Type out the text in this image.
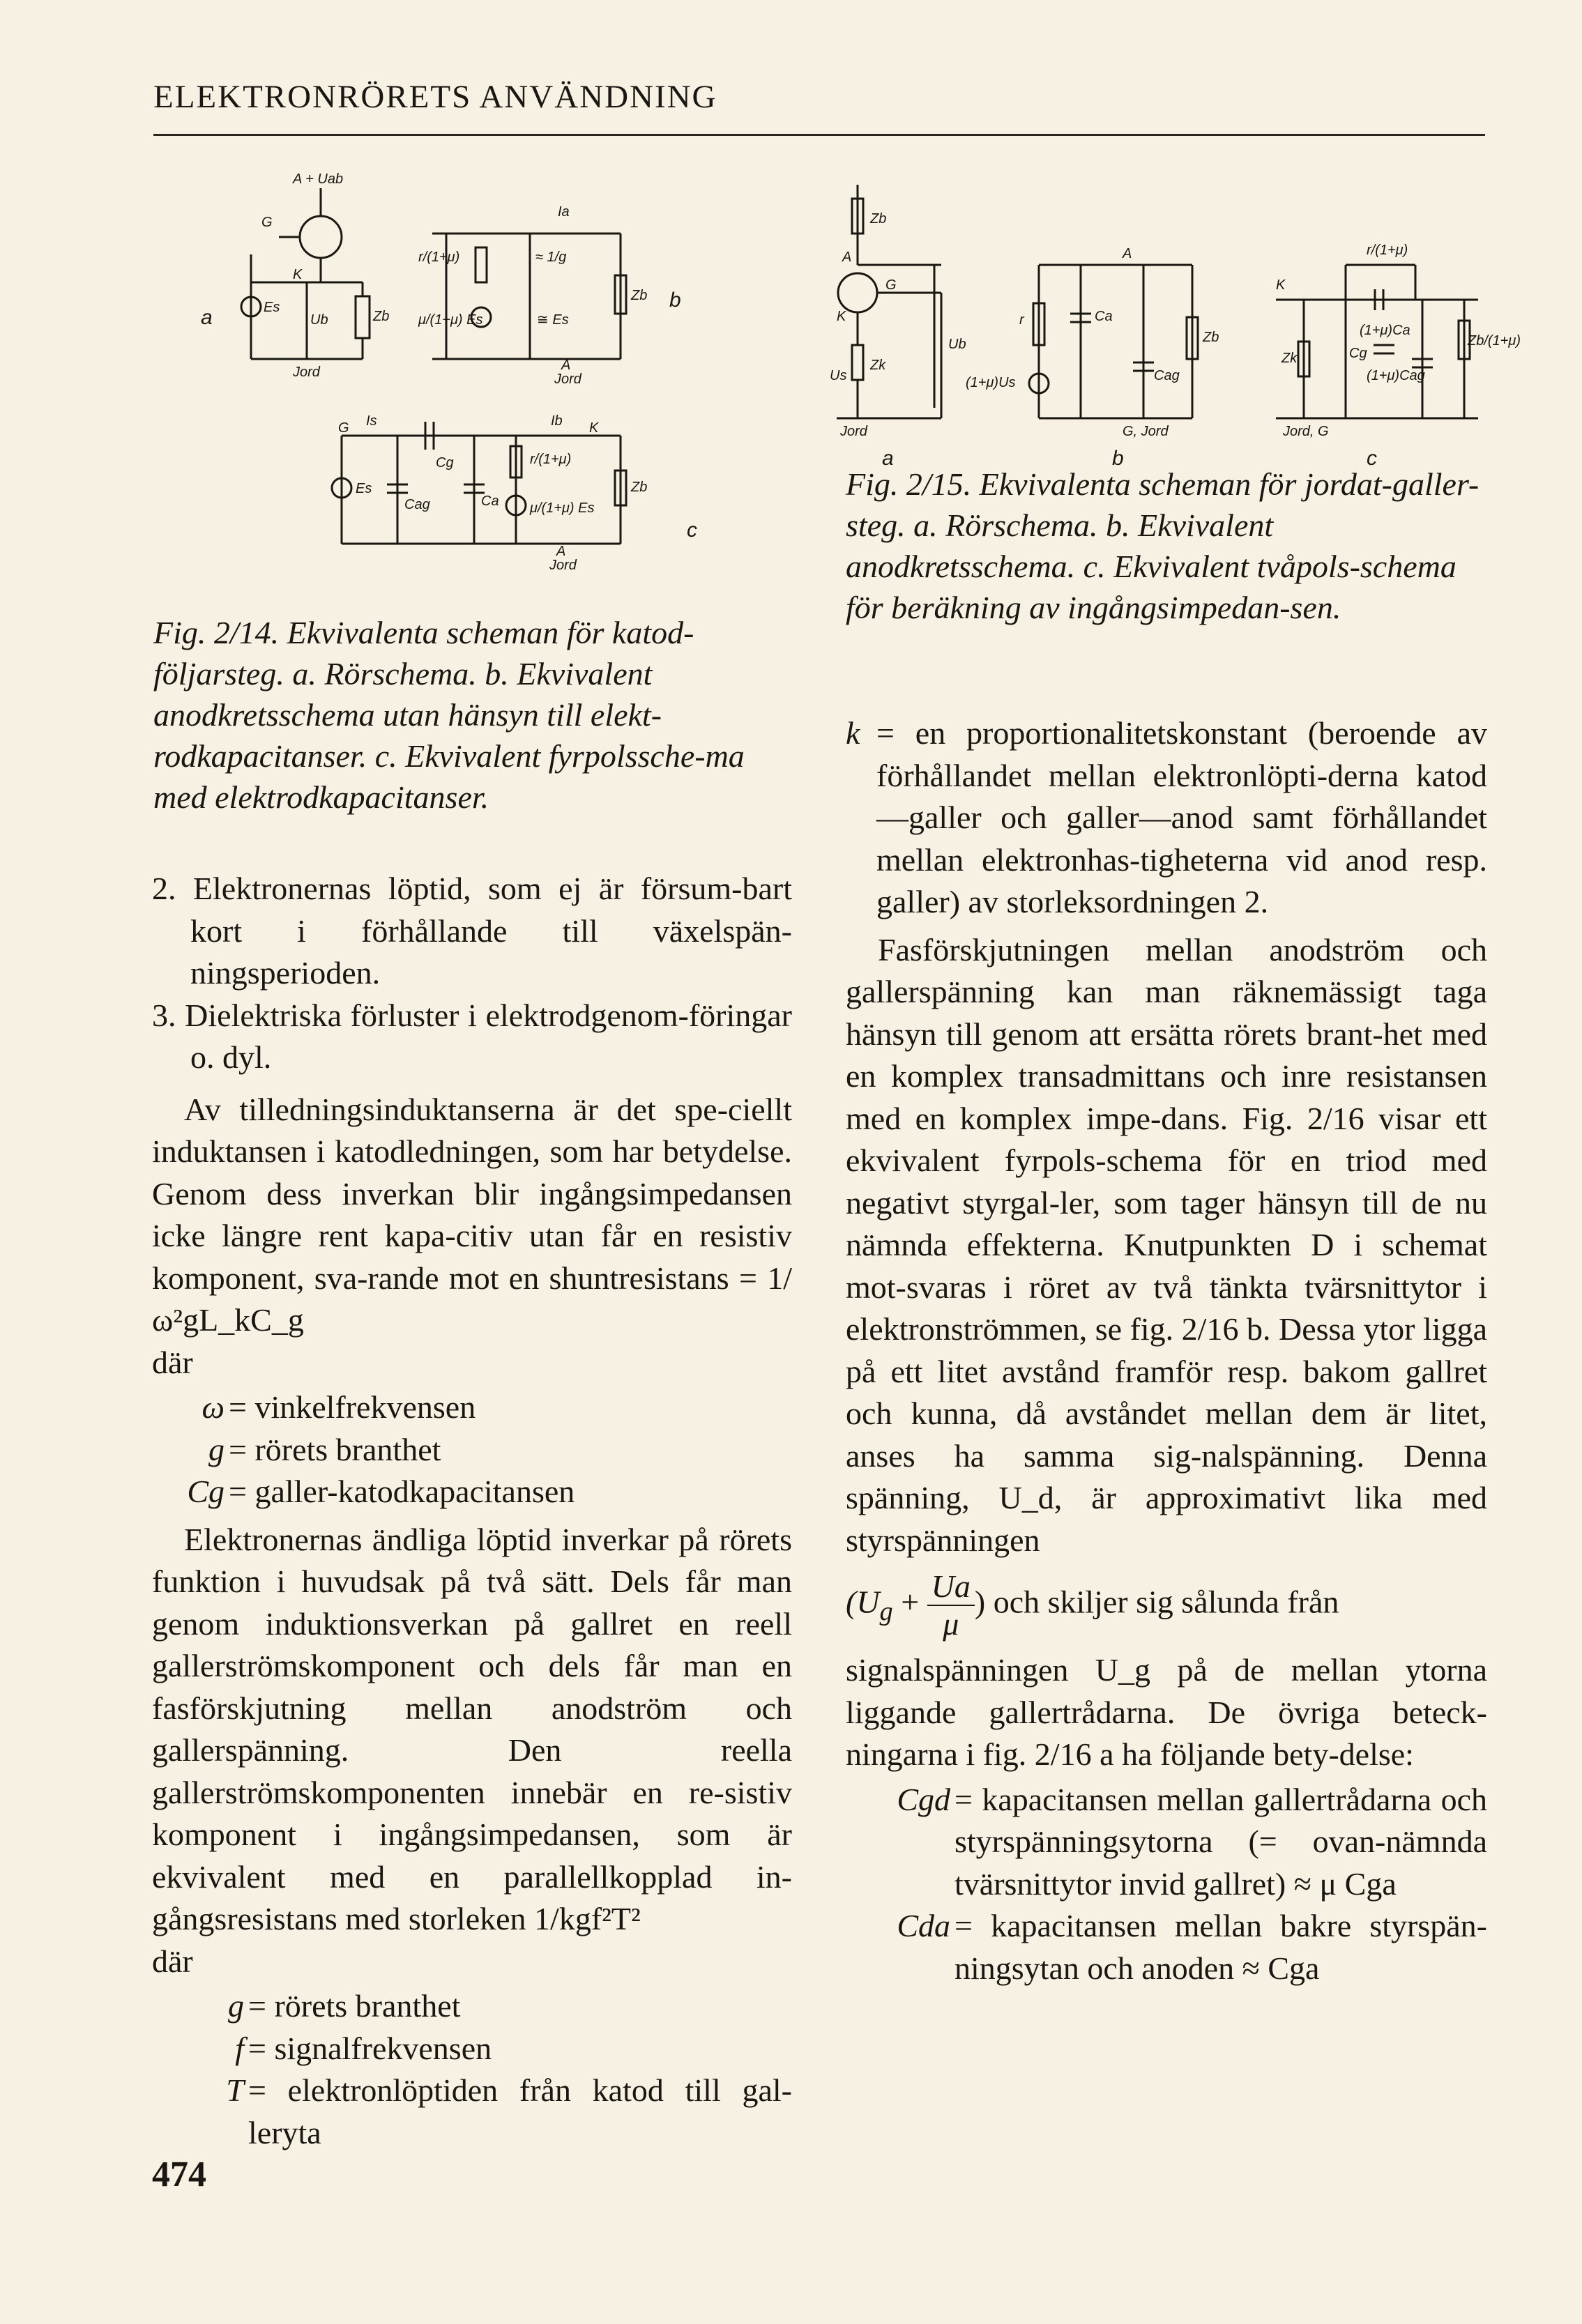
ELEKTRONRÖRETS ANVÄNDNING
A + Uab
G
K
Es
Ub	Zb
Jord
Ia
r/(1+μ)	≈ 1/g
μ/(1+μ) Es	≅ Es
Zb
A
Jord
G Is	Ib K
Es
Cg
Cag	Ca
r/(1+μ)
μ/(1+μ) Es
Zb
A
Jord
a
b
c
Fig. 2/14. Ekvivalenta scheman för katod-följarsteg. a. Rörschema. b. Ekvivalent anodkretsschema utan hänsyn till elekt-rodkapacitanser. c. Ekvivalent fyrpolssche-ma med elektrodkapacitanser.
Zb
A
G
K
Zk
Us
Ub
Jord
A
r	Ca
Cag
Zb
(1+μ)Us
G, Jord
K
r/(1+μ)
Zk
(1+μ)Ca
Cg
(1+μ)Cag
Zb/(1+μ)
Jord, G
a	b	c
Fig. 2/15. Ekvivalenta scheman för jordat-galler-steg. a. Rörschema. b. Ekvivalent anodkretsschema. c. Ekvivalent tvåpols-schema för beräkning av ingångsimpedan-sen.

2. Elektronernas löptid, som ej är försum-bart kort i förhållande till växelspän-ningsperioden.

3. Dielektriska förluster i elektrodgenom-föringar o. dyl.

Av tilledningsinduktanserna är det spe-ciellt induktansen i katodledningen, som har betydelse. Genom dess inverkan blir ingångsimpedansen icke längre rent kapa-citiv utan får en resistiv komponent, sva-rande mot en shuntresistans = 1/ω²gL_kC_g

där

ω = vinkelfrekvensen
g = rörets branthet
Cg = galler-katodkapacitansen

Elektronernas ändliga löptid inverkar på rörets funktion i huvudsak på två sätt. Dels får man genom induktionsverkan på gallret en reell gallerströmskomponent och dels får man en fasförskjutning mellan anodström och gallerspänning. Den reella gallerströmskomponenten innebär en re-sistiv komponent i ingångsimpedansen, som är ekvivalent med en parallellkopplad in-gångsresistans med storleken 1/kgf²T²

där

g = rörets branthet
f = signalfrekvensen
T = elektronlöptiden från katod till gal-leryta
k = en proportionalitetskonstant (beroende av förhållandet mellan elektronlöpti-derna katod—galler och galler—anod samt förhållandet mellan elektronhas-tigheterna vid anod resp. galler) av storleksordningen 2.

Fasförskjutningen mellan anodström och gallerspänning kan man räknemässigt taga hänsyn till genom att ersätta rörets brant-het med en komplex transadmittans och inre resistansen med en komplex impe-dans. Fig. 2/16 visar ett ekvivalent fyrpols-schema för en triod med negativt styrgal-ler, som tager hänsyn till de nu nämnda effekterna. Knutpunkten D i schemat mot-svaras i röret av två tänkta tvärsnittytor i elektronströmmen, se fig. 2/16 b. Dessa ytor ligga på ett litet avstånd framför resp. bakom gallret och kunna, då avståndet mellan dem är litet, anses ha samma sig-nalspänning. Denna spänning, U_d, är approximativt lika med styrspänningen

($U_g + \frac{Ua}{\mu}$ ) och skiljer sig sålunda från

signalspänningen U_g på de mellan ytorna liggande gallertrådarna. De övriga beteck-ningarna i fig. 2/16 a ha följande bety-delse:

Cgd = kapacitansen mellan gallertrådarna och styrspänningsytorna (= ovan-nämnda tvärsnittytor invid gallret) ≈ μ Cga
Cda = kapacitansen mellan bakre styrspän-ningsytan och anoden ≈ Cga
474
